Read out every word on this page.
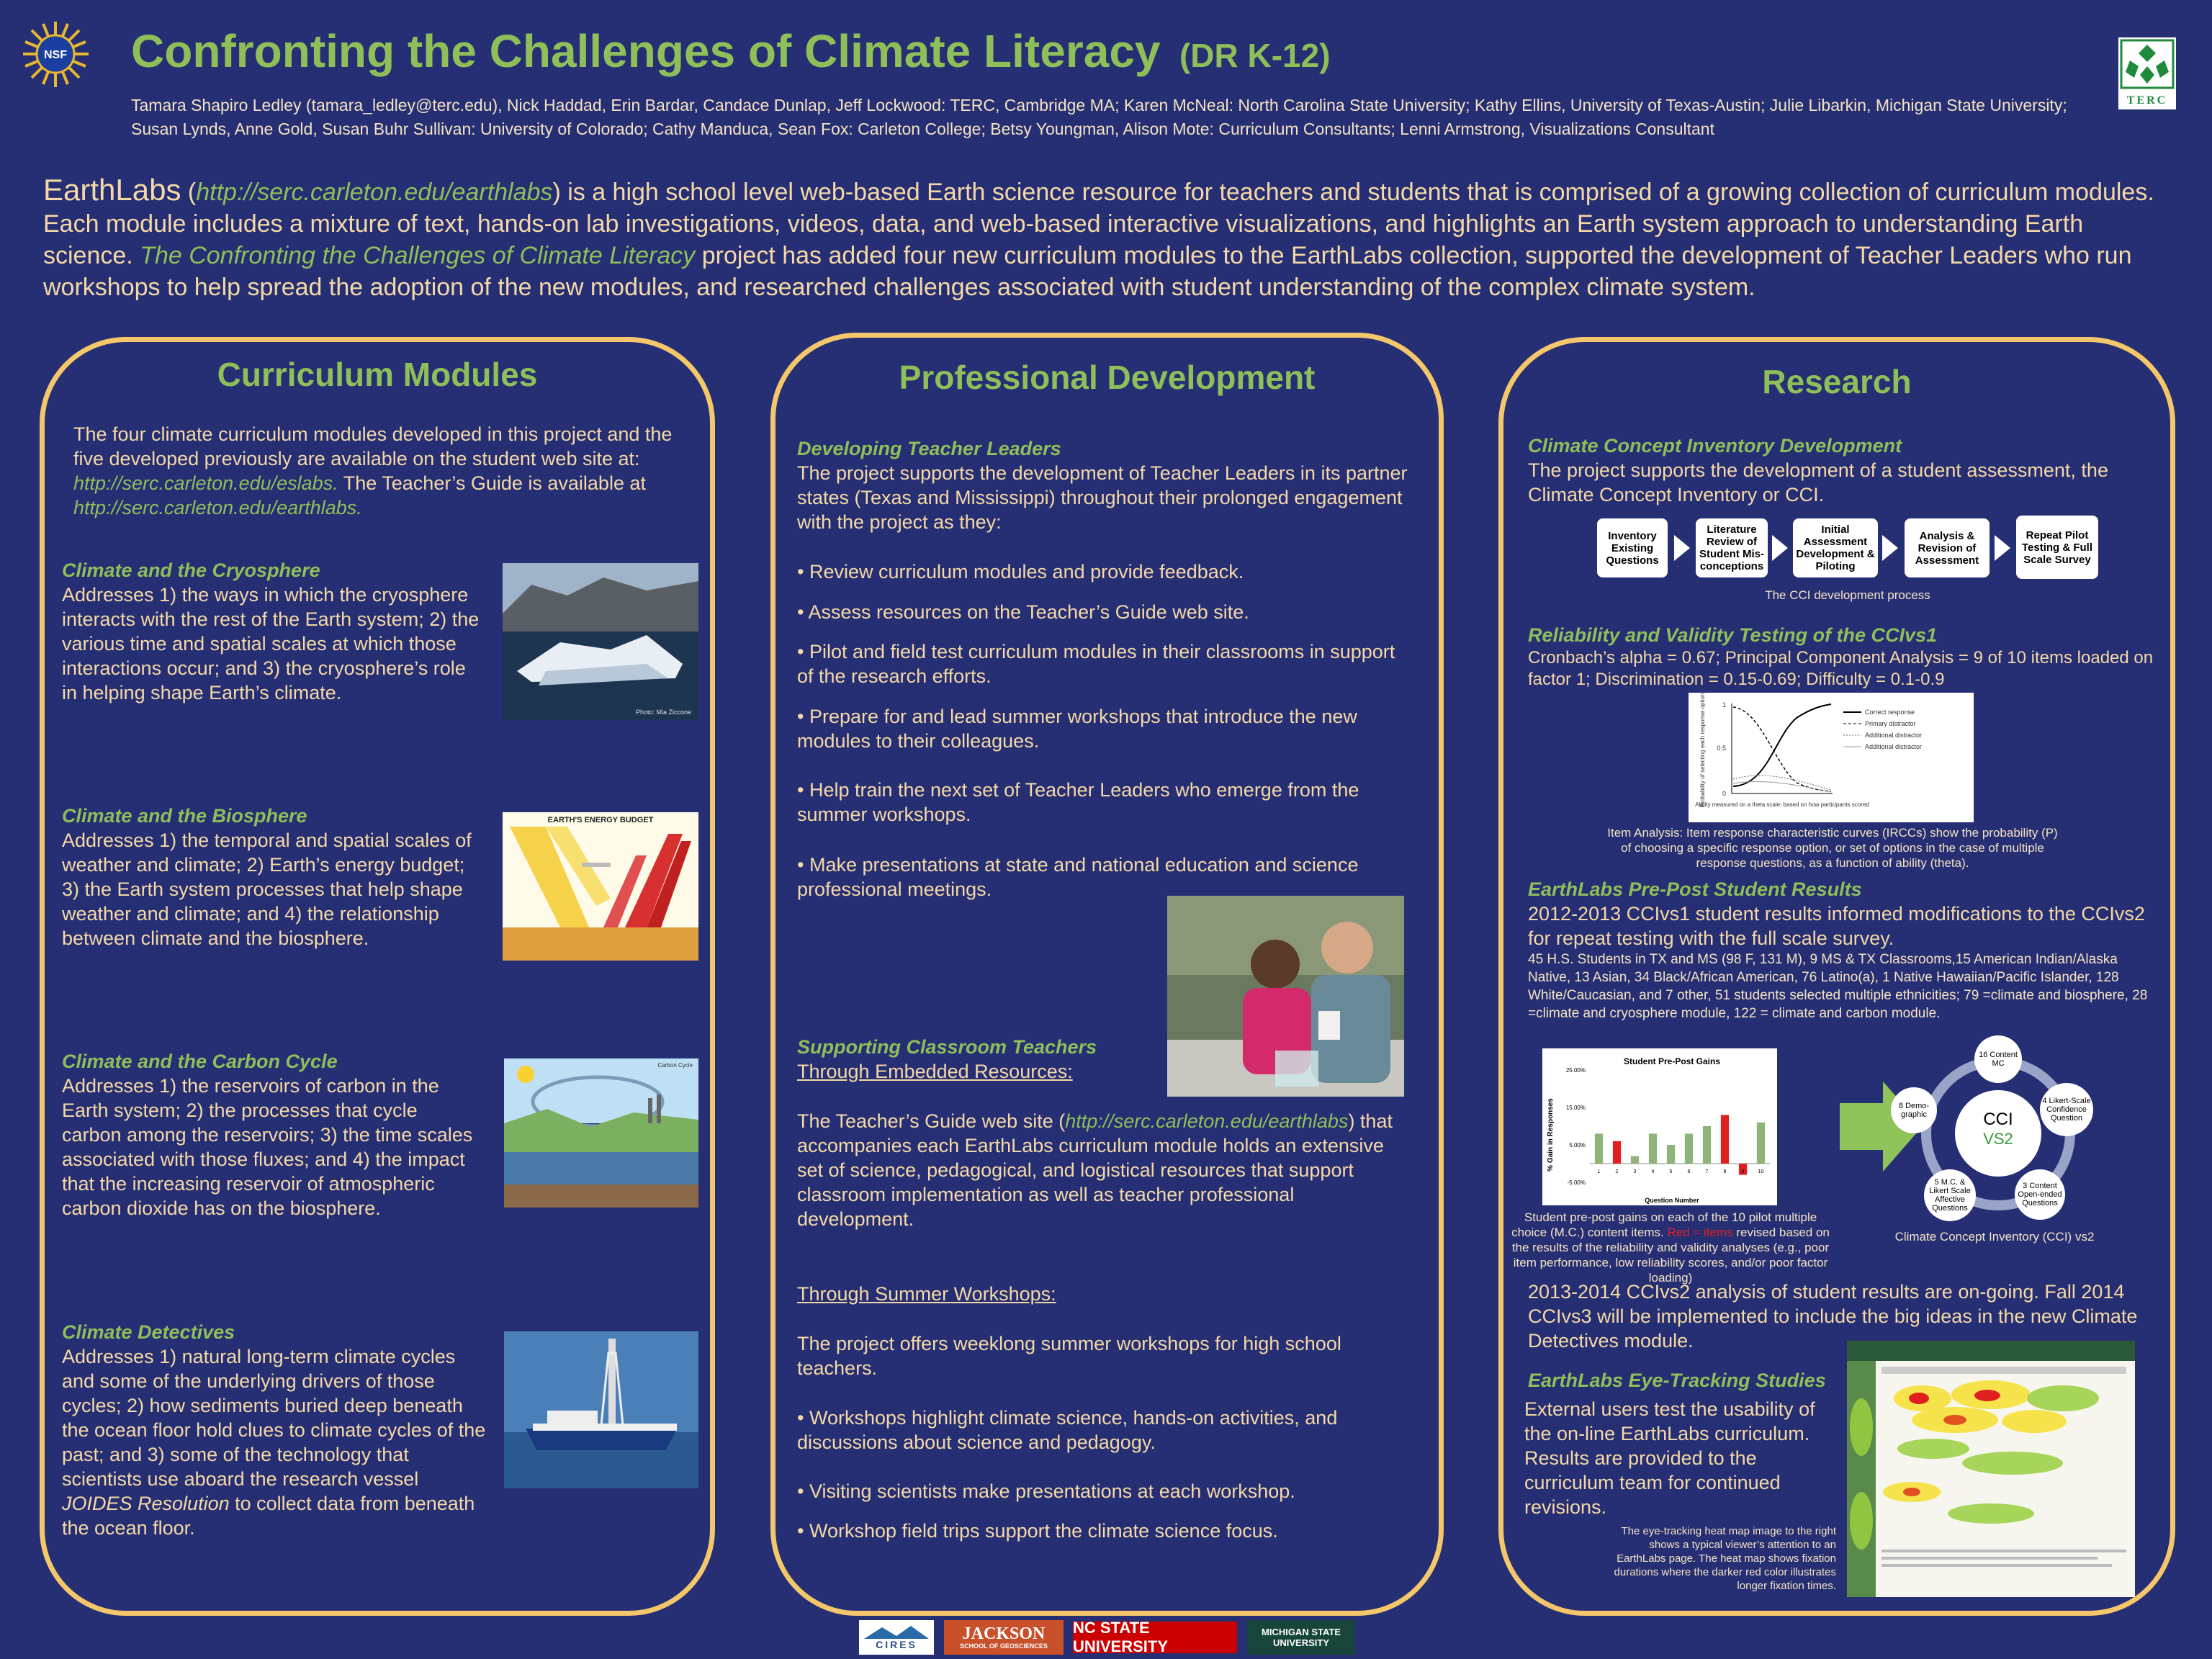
NSF Confronting the Challenges of Climate Literacy (DR K-12)
Tamara Shapiro Ledley (tamara_ledley@terc.edu), Nick Haddad, Erin Bardar, Candace Dunlap, Jeff Lockwood: TERC, Cambridge MA; Karen McNeal: North Carolina State University; Kathy Ellins, University of Texas-Austin; Julie Libarkin, Michigan State University; Susan Lynds, Anne Gold, Susan Buhr Sullivan: University of Colorado; Cathy Manduca, Sean Fox: Carleton College; Betsy Youngman, Alison Mote: Curriculum Consultants; Lenni Armstrong, Visualizations Consultant
TERC
EarthLabs (http://serc.carleton.edu/earthlabs) is a high school level web-based Earth science resource for teachers and students that is comprised of a growing collection of curriculum modules. Each module includes a mixture of text, hands-on lab investigations, videos, data, and web-based interactive visualizations, and highlights an Earth system approach to understanding Earth science. The Confronting the Challenges of Climate Literacy project has added four new curriculum modules to the EarthLabs collection, supported the development of Teacher Leaders who run workshops to help spread the adoption of the new modules, and researched challenges associated with student understanding of the complex climate system.
Curriculum Modules
The four climate curriculum modules developed in this project and the five developed previously are available on the student web site at: http://serc.carleton.edu/eslabs. The Teacher’s Guide is available at http://serc.carleton.edu/earthlabs.
Climate and the Cryosphere
Addresses 1) the ways in which the cryosphere interacts with the rest of the Earth system; 2) the various time and spatial scales at which those interactions occur; and 3) the cryosphere’s role in helping shape Earth’s climate.
Photo: Mia Ziccone
Climate and the Biosphere
Addresses 1) the temporal and spatial scales of weather and climate; 2) Earth’s energy budget; 3) the Earth system processes that help shape weather and climate; and 4) the relationship between climate and the biosphere.
EARTH'S ENERGY BUDGET
Climate and the Carbon Cycle
Addresses 1) the reservoirs of carbon in the Earth system; 2) the processes that cycle carbon among the reservoirs; 3) the time scales associated with those fluxes; and 4) the impact that the increasing reservoir of atmospheric carbon dioxide has on the biosphere.
Carbon Cycle
Climate Detectives
Addresses 1) natural long-term climate cycles and some of the underlying drivers of those cycles; 2) how sediments buried deep beneath the ocean floor hold clues to climate cycles of the past; and 3) some of the technology that scientists use aboard the research vessel JOIDES Resolution to collect data from beneath the ocean floor.
Professional Development
Developing Teacher Leaders
The project supports the development of Teacher Leaders in its partner states (Texas and Mississippi) throughout their prolonged engagement with the project as they:
• Review curriculum modules and provide feedback.
• Assess resources on the Teacher’s Guide web site.
• Pilot and field test curriculum modules in their classrooms in support of the research efforts.
• Prepare for and lead summer workshops that introduce the new modules to their colleagues.
• Help train the next set of Teacher Leaders who emerge from the summer workshops.
• Make presentations at state and national education and science professional meetings.
Supporting Classroom Teachers
Through Embedded Resources:
The Teacher’s Guide web site (http://serc.carleton.edu/earthlabs) that accompanies each EarthLabs curriculum module holds an extensive set of science, pedagogical, and logistical resources that support classroom implementation as well as teacher professional development.
Through Summer Workshops:
The project offers weeklong summer workshops for high school teachers.
• Workshops highlight climate science, hands-on activities, and discussions about science and pedagogy.
• Visiting scientists make presentations at each workshop.
• Workshop field trips support the climate science focus.
Research
Climate Concept Inventory Development
The project supports the development of a student assessment, the Climate Concept Inventory or CCI.
Inventory Existing Questions
Literature Review of Student Mis-conceptions
Initial Assessment Development & Piloting
Analysis & Revision of Assessment
Repeat Pilot Testing & Full Scale Survey
The CCI development process
Reliability and Validity Testing of the CCIvs1
Cronbach’s alpha = 0.67; Principal Component Analysis = 9 of 10 items loaded on factor 1; Discrimination = 0.15-0.69; Difficulty = 0.1-0.9
Correct response
Primary distractor
Additional distractor
Additional distractor
0
0.5
1
Ability measured on a theta scale: based on how participants scored
Probability of selecting each response option
Item Analysis: Item response characteristic curves (IRCCs) show the probability (P) of choosing a specific response option, or set of options in the case of multiple response questions, as a function of ability (theta).
EarthLabs Pre-Post Student Results
2012-2013 CCIvs1 student results informed modifications to the CCIvs2 for repeat testing with the full scale survey.
45 H.S. Students in TX and MS (98 F, 131 M), 9 MS & TX Classrooms,15 American Indian/Alaska Native, 13 Asian, 34 Black/African American, 76 Latino(a), 1 Native Hawaiian/Pacific Islander, 128 White/Caucasian, and 7 other, 51 students selected multiple ethnicities; 79 =climate and biosphere, 28 =climate and cryosphere module, 122 = climate and carbon module.
Student Pre-Post Gains
Question Number
% Gain in Responses
25.00%
15.00%
5.00%
-5.00%
1	2	3	4	5	6	7	8	9	10
Student pre-post gains on each of the 10 pilot multiple choice (M.C.) content items. Red = items revised based on the results of the reliability and validity analyses (e.g., poor item performance, low reliability scores, and/or poor factor loading)
CCI
VS2
16 Content MC
4 Likert-Scale Confidence Question
3 Content Open-ended Questions
5 M.C. & Likert Scale Affective Questions
8 Demo-graphic
Climate Concept Inventory (CCI) vs2
2013-2014 CCIvs2 analysis of student results are on-going. Fall 2014 CCIvs3 will be implemented to include the big ideas in the new Climate Detectives module.
EarthLabs Eye-Tracking Studies
External users test the usability of the on-line EarthLabs curriculum. Results are provided to the curriculum team for continued revisions.
The eye-tracking heat map image to the right shows a typical viewer’s attention to an EarthLabs page. The heat map shows fixation durations where the darker red color illustrates longer fixation times.
CIRES
JACKSON
SCHOOL OF GEOSCIENCES
NC STATE UNIVERSITY
MICHIGAN STATE UNIVERSITY
